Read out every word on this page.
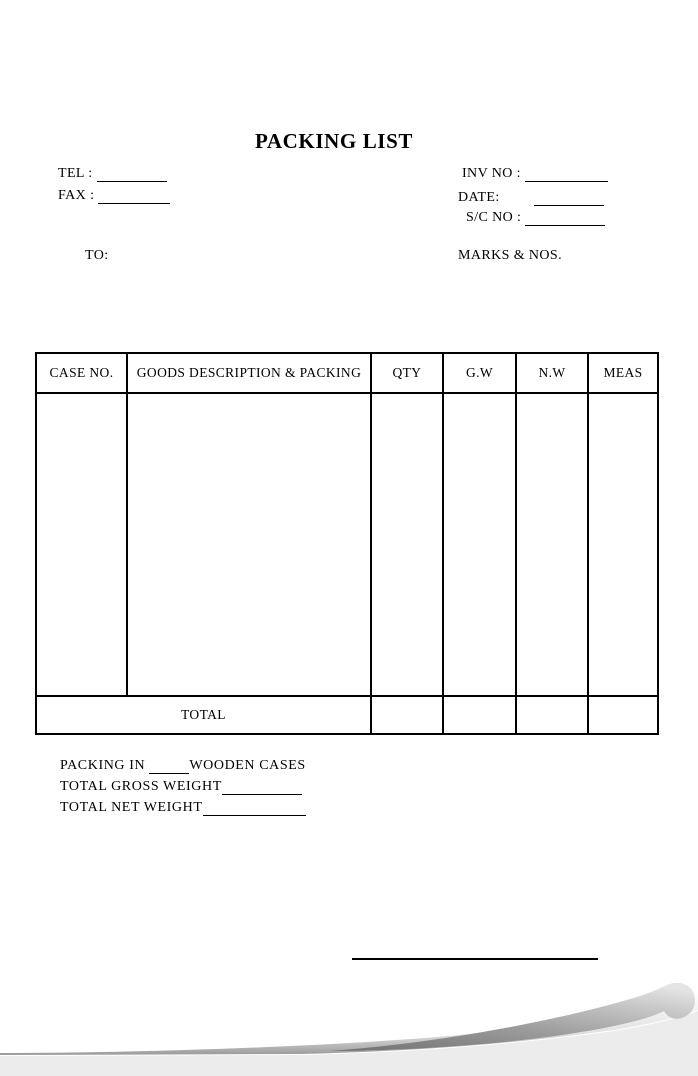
PACKING LIST
TEL :
FAX :
INV NO :
DATE:
S/C NO :
TO:	MARKS & NOS.
CASE NO.	GOODS DESCRIPTION & PACKING	QTY	G.W	N.W	MEAS

TOTAL					
PACKING IN	WOODEN CASES
TOTAL GROSS WEIGHT
TOTAL NET WEIGHT
